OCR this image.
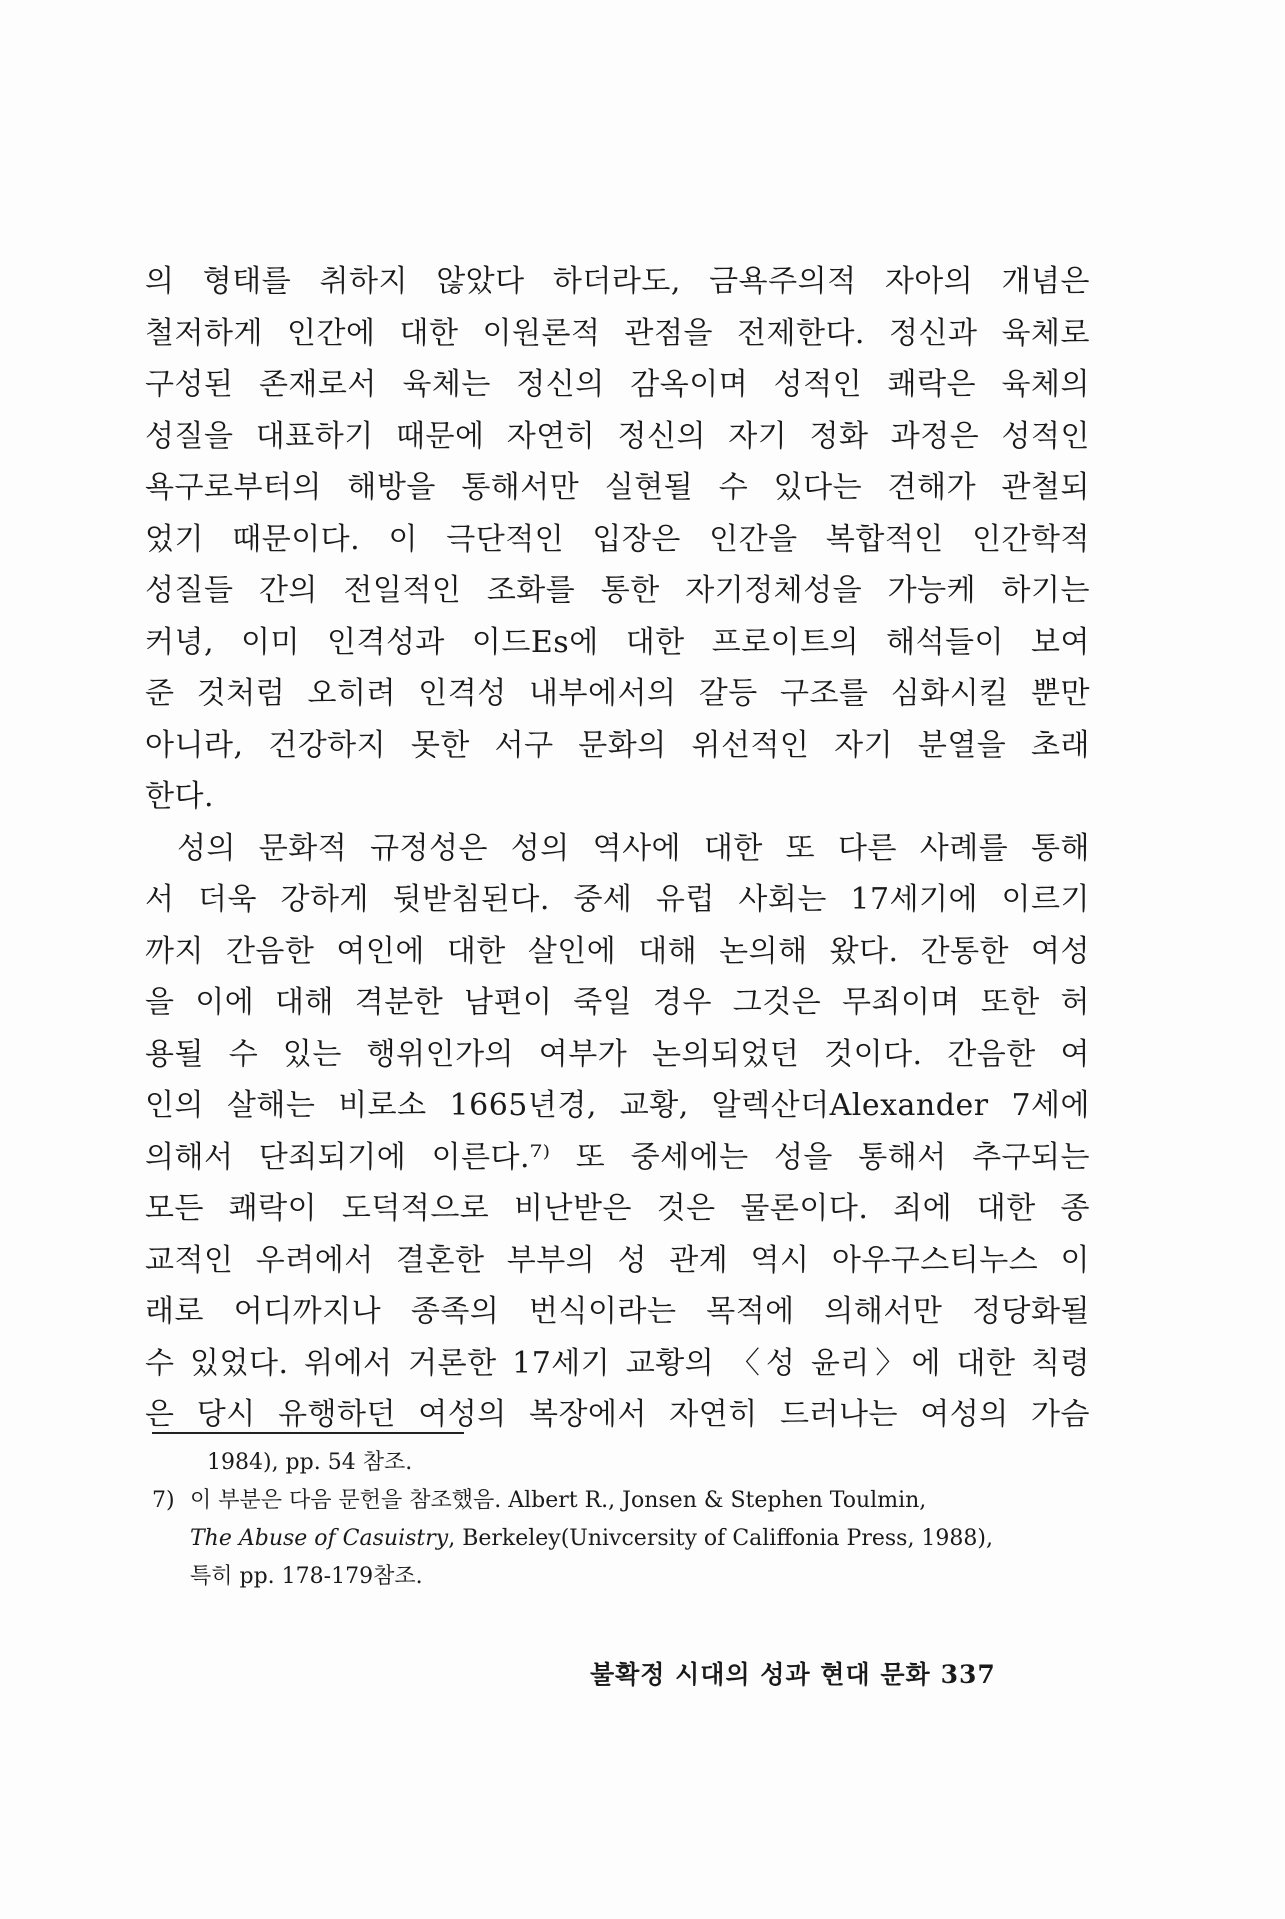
의 형태를 취하지 않았다 하더라도, 금욕주의적 자아의 개념은
철저하게 인간에 대한 이원론적 관점을 전제한다. 정신과 육체로
구성된 존재로서 육체는 정신의 감옥이며 성적인 쾌락은 육체의
성질을 대표하기 때문에 자연히 정신의 자기 정화 과정은 성적인
욕구로부터의 해방을 통해서만 실현될 수 있다는 견해가 관철되
었기 때문이다. 이 극단적인 입장은 인간을 복합적인 인간학적
성질들 간의 전일적인 조화를 통한 자기정체성을 가능케 하기는
커녕, 이미 인격성과 이드Es에 대한 프로이트의 해석들이 보여
준 것처럼 오히려 인격성 내부에서의 갈등 구조를 심화시킬 뿐만
아니라, 건강하지 못한 서구 문화의 위선적인 자기 분열을 초래
한다.
성의 문화적 규정성은 성의 역사에 대한 또 다른 사례를 통해
서 더욱 강하게 뒷받침된다. 중세 유럽 사회는 17세기에 이르기
까지 간음한 여인에 대한 살인에 대해 논의해 왔다. 간통한 여성
을 이에 대해 격분한 남편이 죽일 경우 그것은 무죄이며 또한 허
용될 수 있는 행위인가의 여부가 논의되었던 것이다. 간음한 여
인의 살해는 비로소 1665년경, 교황, 알렉산더Alexander 7세에
의해서 단죄되기에 이른다.⁷⁾ 또 중세에는 성을 통해서 추구되는
모든 쾌락이 도덕적으로 비난받은 것은 물론이다. 죄에 대한 종
교적인 우려에서 결혼한 부부의 성 관계 역시 아우구스티누스 이
래로 어디까지나 종족의 번식이라는 목적에 의해서만 정당화될
수 있었다. 위에서 거론한 17세기 교황의 〈성 윤리〉에 대한 칙령
은 당시 유행하던 여성의 복장에서 자연히 드러나는 여성의 가슴
1984), pp. 54 참조.
7) 이 부분은 다음 문헌을 참조했음. Albert R., Jonsen & Stephen Toulmin,
The Abuse of Casuistry, Berkeley(Univcersity of Califfonia Press, 1988),
특히 pp. 178-179참조.
불확정 시대의 성과 현대 문화 337
